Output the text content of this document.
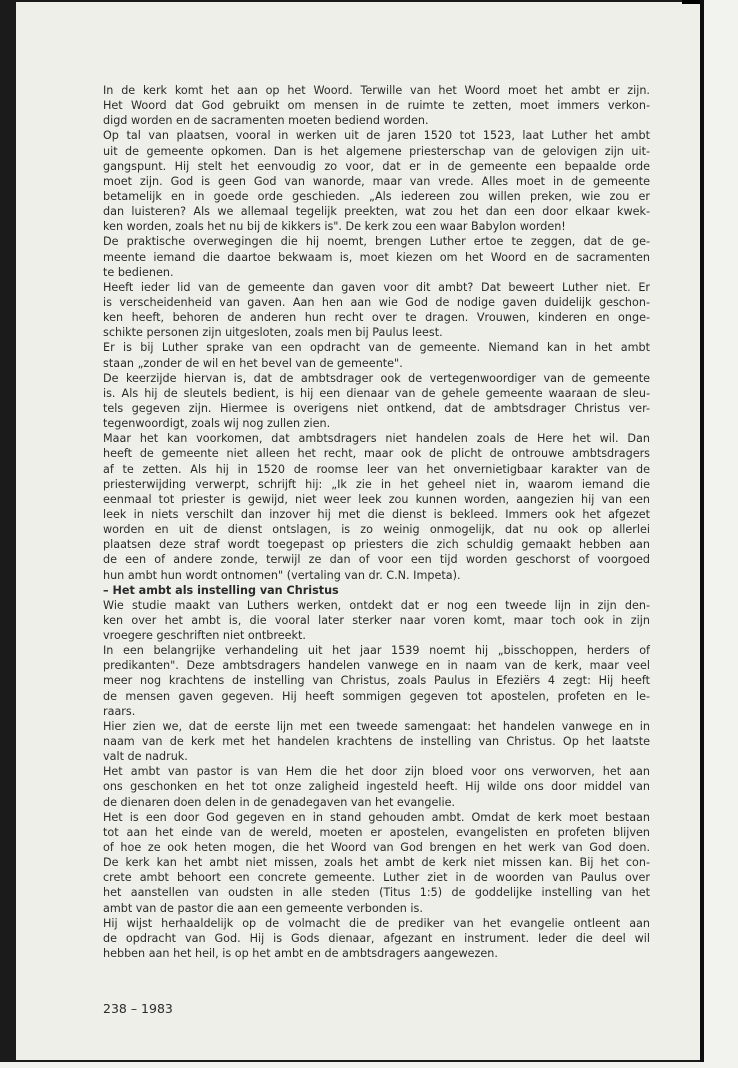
In de kerk komt het aan op het Woord. Terwille van het Woord moet het ambt er zijn.
Het Woord dat God gebruikt om mensen in de ruimte te zetten, moet immers verkon-
digd worden en de sacramenten moeten bediend worden.
Op tal van plaatsen, vooral in werken uit de jaren 1520 tot 1523, laat Luther het ambt
uit de gemeente opkomen. Dan is het algemene priesterschap van de gelovigen zijn uit-
gangspunt. Hij stelt het eenvoudig zo voor, dat er in de gemeente een bepaalde orde
moet zijn. God is geen God van wanorde, maar van vrede. Alles moet in de gemeente
betamelijk en in goede orde geschieden. „Als iedereen zou willen preken, wie zou er
dan luisteren? Als we allemaal tegelijk preekten, wat zou het dan een door elkaar kwek-
ken worden, zoals het nu bij de kikkers is". De kerk zou een waar Babylon worden!
De praktische overwegingen die hij noemt, brengen Luther ertoe te zeggen, dat de ge-
meente iemand die daartoe bekwaam is, moet kiezen om het Woord en de sacramenten
te bedienen.
Heeft ieder lid van de gemeente dan gaven voor dit ambt? Dat beweert Luther niet. Er
is verscheidenheid van gaven. Aan hen aan wie God de nodige gaven duidelijk geschon-
ken heeft, behoren de anderen hun recht over te dragen. Vrouwen, kinderen en onge-
schikte personen zijn uitgesloten, zoals men bij Paulus leest.
Er is bij Luther sprake van een opdracht van de gemeente. Niemand kan in het ambt
staan „zonder de wil en het bevel van de gemeente".
De keerzijde hiervan is, dat de ambtsdrager ook de vertegenwoordiger van de gemeente
is. Als hij de sleutels bedient, is hij een dienaar van de gehele gemeente waaraan de sleu-
tels gegeven zijn. Hiermee is overigens niet ontkend, dat de ambtsdrager Christus ver-
tegenwoordigt, zoals wij nog zullen zien.
Maar het kan voorkomen, dat ambtsdragers niet handelen zoals de Here het wil. Dan
heeft de gemeente niet alleen het recht, maar ook de plicht de ontrouwe ambtsdragers
af te zetten. Als hij in 1520 de roomse leer van het onvernietigbaar karakter van de
priesterwijding verwerpt, schrijft hij: „Ik zie in het geheel niet in, waarom iemand die
eenmaal tot priester is gewijd, niet weer leek zou kunnen worden, aangezien hij van een
leek in niets verschilt dan inzover hij met die dienst is bekleed. Immers ook het afgezet
worden en uit de dienst ontslagen, is zo weinig onmogelijk, dat nu ook op allerlei
plaatsen deze straf wordt toegepast op priesters die zich schuldig gemaakt hebben aan
de een of andere zonde, terwijl ze dan of voor een tijd worden geschorst of voorgoed
hun ambt hun wordt ontnomen" (vertaling van dr. C.N. Impeta).
– Het ambt als instelling van Christus
Wie studie maakt van Luthers werken, ontdekt dat er nog een tweede lijn in zijn den-
ken over het ambt is, die vooral later sterker naar voren komt, maar toch ook in zijn
vroegere geschriften niet ontbreekt.
In een belangrijke verhandeling uit het jaar 1539 noemt hij „bisschoppen, herders of
predikanten". Deze ambtsdragers handelen vanwege en in naam van de kerk, maar veel
meer nog krachtens de instelling van Christus, zoals Paulus in Efeziërs 4 zegt: Hij heeft
de mensen gaven gegeven. Hij heeft sommigen gegeven tot apostelen, profeten en le-
raars.
Hier zien we, dat de eerste lijn met een tweede samengaat: het handelen vanwege en in
naam van de kerk met het handelen krachtens de instelling van Christus. Op het laatste
valt de nadruk.
Het ambt van pastor is van Hem die het door zijn bloed voor ons verworven, het aan
ons geschonken en het tot onze zaligheid ingesteld heeft. Hij wilde ons door middel van
de dienaren doen delen in de genadegaven van het evangelie.
Het is een door God gegeven en in stand gehouden ambt. Omdat de kerk moet bestaan
tot aan het einde van de wereld, moeten er apostelen, evangelisten en profeten blijven
of hoe ze ook heten mogen, die het Woord van God brengen en het werk van God doen.
De kerk kan het ambt niet missen, zoals het ambt de kerk niet missen kan. Bij het con-
crete ambt behoort een concrete gemeente. Luther ziet in de woorden van Paulus over
het aanstellen van oudsten in alle steden (Titus 1:5) de goddelijke instelling van het
ambt van de pastor die aan een gemeente verbonden is.
Hij wijst herhaaldelijk op de volmacht die de prediker van het evangelie ontleent aan
de opdracht van God. Hij is Gods dienaar, afgezant en instrument. Ieder die deel wil
hebben aan het heil, is op het ambt en de ambtsdragers aangewezen.
238 – 1983
